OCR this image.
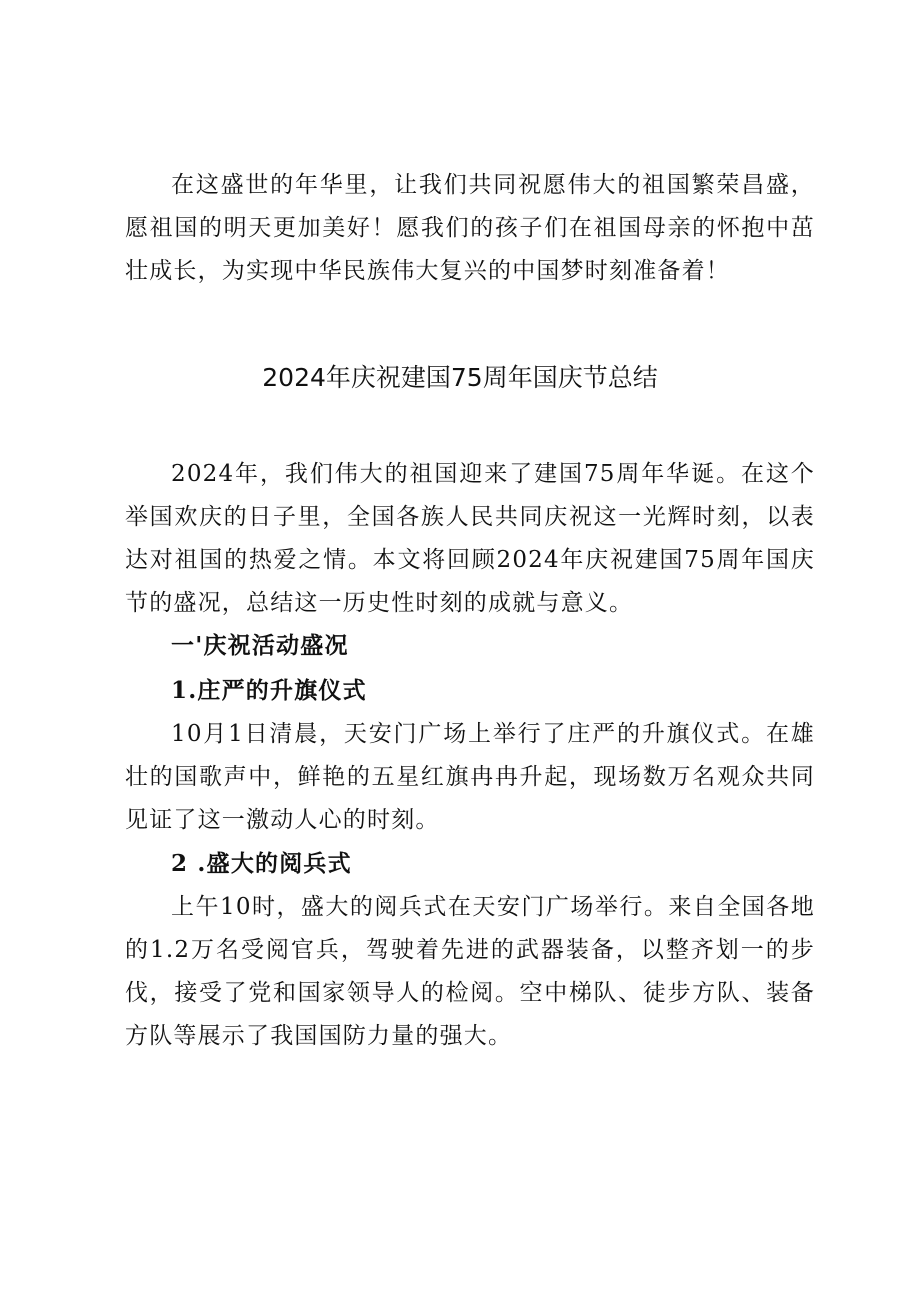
在这盛世的年华里，让我们共同祝愿伟大的祖国繁荣昌盛，愿祖国的明天更加美好！愿我们的孩子们在祖国母亲的怀抱中茁壮成长，为实现中华民族伟大复兴的中国梦时刻准备着！

2024年庆祝建国75周年国庆节总结

2024年，我们伟大的祖国迎来了建国75周年华诞。在这个举国欢庆的日子里，全国各族人民共同庆祝这一光辉时刻，以表达对祖国的热爱之情。本文将回顾2024年庆祝建国75周年国庆节的盛况，总结这一历史性时刻的成就与意义。

一'庆祝活动盛况

1.庄严的升旗仪式

10月1日清晨，天安门广场上举行了庄严的升旗仪式。在雄壮的国歌声中，鲜艳的五星红旗冉冉升起，现场数万名观众共同见证了这一激动人心的时刻。

2 .盛大的阅兵式

上午10时，盛大的阅兵式在天安门广场举行。来自全国各地的1.2万名受阅官兵，驾驶着先进的武器装备，以整齐划一的步伐，接受了党和国家领导人的检阅。空中梯队、徒步方队、装备方队等展示了我国国防力量的强大。
